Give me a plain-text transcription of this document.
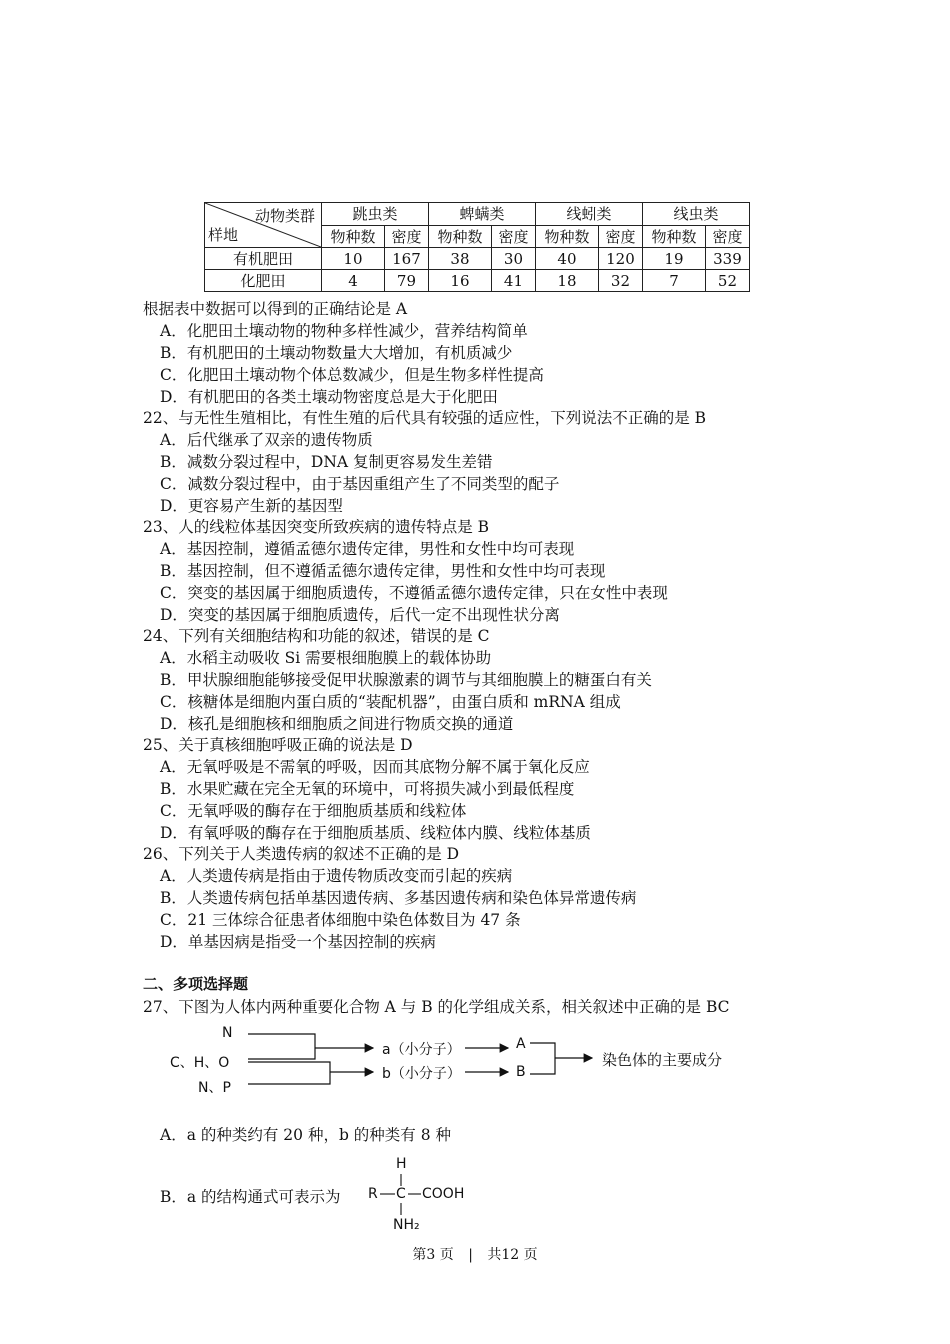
动物类群
样地	跳虫类		蜱螨类		线蚓类		线虫类	
	物种数	密度	物种数	密度	物种数	密度	物种数	密度
有机肥田	10	167	38	30	40	120	19	339
化肥田	4	79	16	41	18	32	7	52
根据表中数据可以得到的正确结论是 A
A．化肥田土壤动物的物种多样性减少，营养结构简单
B．有机肥田的土壤动物数量大大增加，有机质减少
C．化肥田土壤动物个体总数减少，但是生物多样性提高
D．有机肥田的各类土壤动物密度总是大于化肥田
22、与无性生殖相比，有性生殖的后代具有较强的适应性，下列说法不正确的是 B
A．后代继承了双亲的遗传物质
B．减数分裂过程中，DNA 复制更容易发生差错
C．减数分裂过程中，由于基因重组产生了不同类型的配子
D．更容易产生新的基因型
23、人的线粒体基因突变所致疾病的遗传特点是 B
A．基因控制，遵循孟德尔遗传定律，男性和女性中均可表现
B．基因控制，但不遵循孟德尔遗传定律，男性和女性中均可表现
C．突变的基因属于细胞质遗传，不遵循孟德尔遗传定律，只在女性中表现
D．突变的基因属于细胞质遗传，后代一定不出现性状分离
24、下列有关细胞结构和功能的叙述，错误的是 C
A．水稻主动吸收 Si 需要根细胞膜上的载体协助
B．甲状腺细胞能够接受促甲状腺激素的调节与其细胞膜上的糖蛋白有关
C．核糖体是细胞内蛋白质的“装配机器”，由蛋白质和 mRNA 组成
D．核孔是细胞核和细胞质之间进行物质交换的通道
25、关于真核细胞呼吸正确的说法是 D
A．无氧呼吸是不需氧的呼吸，因而其底物分解不属于氧化反应
B．水果贮藏在完全无氧的环境中，可将损失减小到最低程度
C．无氧呼吸的酶存在于细胞质基质和线粒体
D．有氧呼吸的酶存在于细胞质基质、线粒体内膜、线粒体基质
26、下列关于人类遗传病的叙述不正确的是 D
A．人类遗传病是指由于遗传物质改变而引起的疾病
B．人类遗传病包括单基因遗传病、多基因遗传病和染色体异常遗传病
C．21 三体综合征患者体细胞中染色体数目为 47 条
D．单基因病是指受一个基因控制的疾病
二、多项选择题
27、下图为人体内两种重要化合物 A 与 B 的化学组成关系，相关叙述中正确的是 BC
N
C、H、O
N、P
a（小分子）
b（小分子）
A
B
染色体的主要成分
A．a 的种类约有 20 种，b 的种类有 8 种
B．a 的结构通式可表示为
H
R C COOH
NH₂
第3 页 | 共12 页
